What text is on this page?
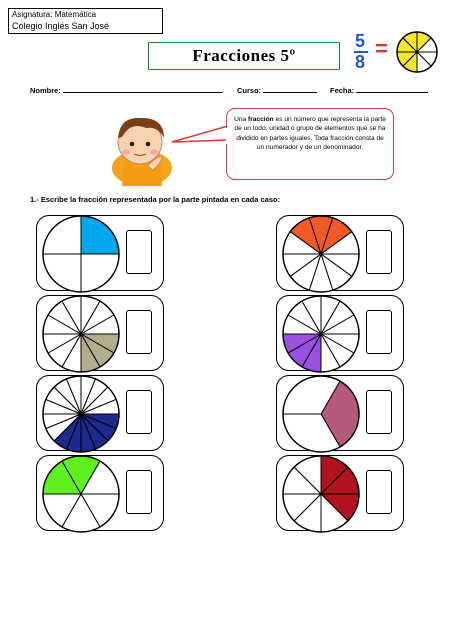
Asignatura: Matemática
Colegio Inglés San José
Fracciones 5º
5
8
=
Nombre:	Curso:	Fecha:
Una fracción es un número que representa la parte de un todo, unidad o grupo de elementos que se ha dividido en partes iguales. Toda fracción consta de un numerador y de un denominador.
1.- Escribe la fracción representada por la parte pintada en cada caso:
